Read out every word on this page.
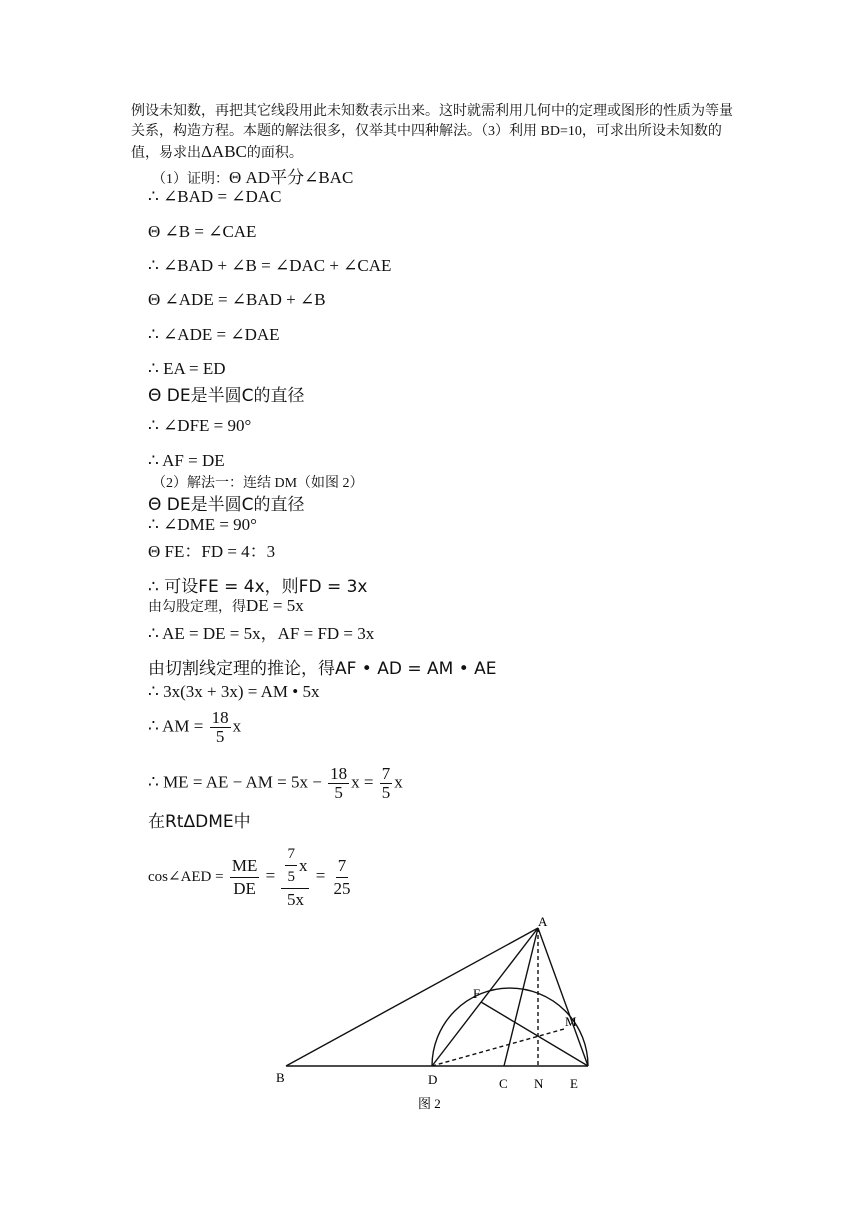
例设未知数，再把其它线段用此未知数表示出来。这时就需利用几何中的定理或图形的性质为等量关系，构造方程。本题的解法很多，仅举其中四种解法。（3）利用 BD=10，可求出所设未知数的值，易求出ΔABC的面积。
（1）证明：Θ AD平分∠BAC
∴ ∠BAD = ∠DAC
Θ ∠B = ∠CAE
∴ ∠BAD + ∠B = ∠DAC + ∠CAE
Θ ∠ADE = ∠BAD + ∠B
∴ ∠ADE = ∠DAE
∴ EA = ED
Θ DE是半圆C的直径
∴ ∠DFE = 90°
∴ AF = DE
（2）解法一：连结 DM（如图 2）
Θ DE是半圆C的直径
∴ ∠DME = 90°
Θ FE：FD = 4：3
∴ 可设FE = 4x，则FD = 3x
由勾股定理，得DE = 5x
∴ AE = DE = 5x，AF = FD = 3x
由切割线定理的推论，得AF • AD = AM • AE
∴ 3x(3x + 3x) = AM • 5x
∴ AM = $\frac{18}{5}$ x
∴ ME = AE − AM = $5x - \frac{18}{5}$ $x = \frac{7}{5}$ x
在RtΔDME中
cos∠AED = $\frac{ME}{DE} = \frac{\frac{7}{5} x}{5x} = \frac{7}{25}$
A
F
M
B	D	C N E
图 2
